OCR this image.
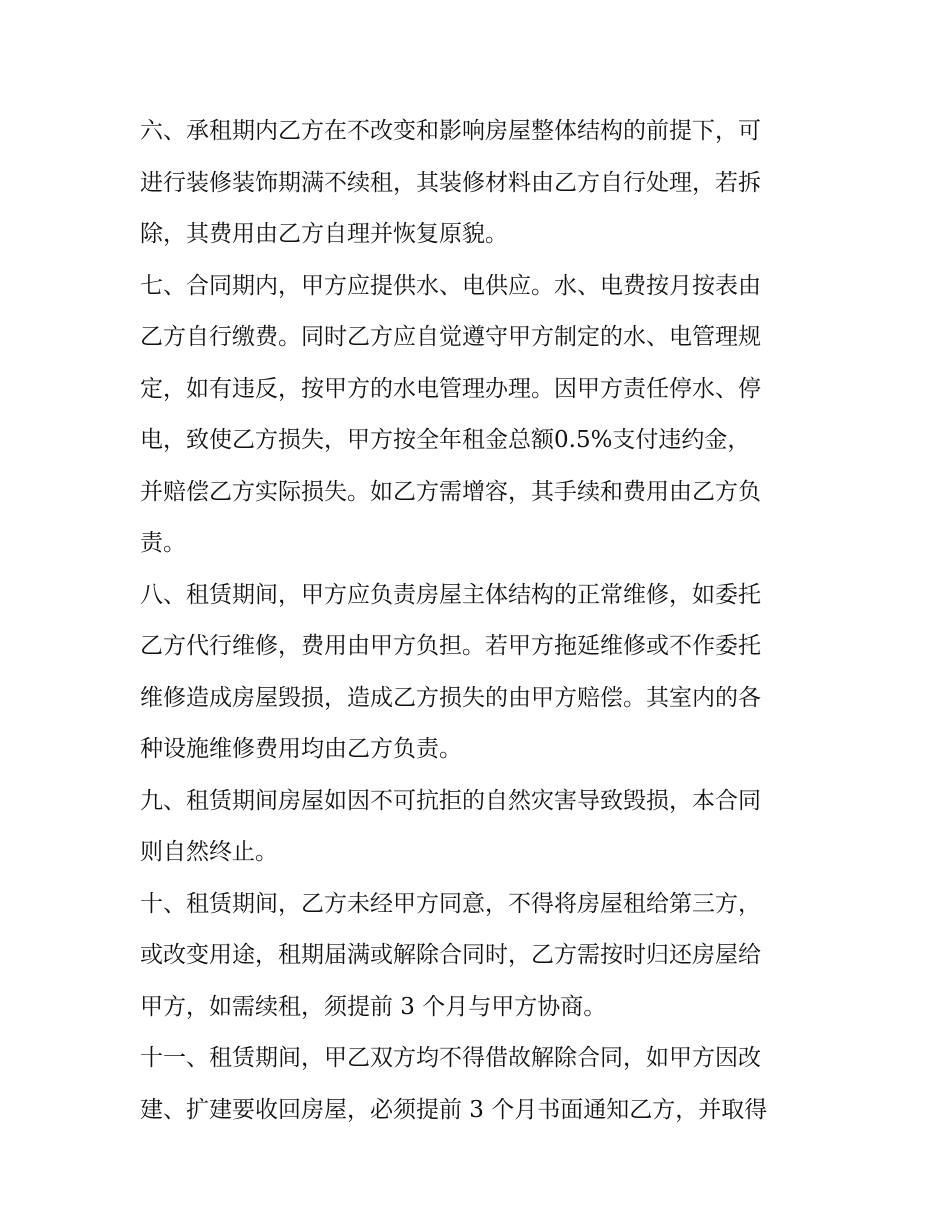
六、承租期内乙方在不改变和影响房屋整体结构的前提下，可
进行装修装饰期满不续租，其装修材料由乙方自行处理，若拆
除，其费用由乙方自理并恢复原貌。

七、合同期内，甲方应提供水、电供应。水、电费按月按表由
乙方自行缴费。同时乙方应自觉遵守甲方制定的水、电管理规
定，如有违反，按甲方的水电管理办理。因甲方责任停水、停
电，致使乙方损失，甲方按全年租金总额0.5%支付违约金，
并赔偿乙方实际损失。如乙方需增容，其手续和费用由乙方负
责。

八、租赁期间，甲方应负责房屋主体结构的正常维修，如委托
乙方代行维修，费用由甲方负担。若甲方拖延维修或不作委托
维修造成房屋毁损，造成乙方损失的由甲方赔偿。其室内的各
种设施维修费用均由乙方负责。

九、租赁期间房屋如因不可抗拒的自然灾害导致毁损，本合同
则自然终止。

十、租赁期间，乙方未经甲方同意，不得将房屋租给第三方，
或改变用途，租期届满或解除合同时，乙方需按时归还房屋给
甲方，如需续租，须提前 3 个月与甲方协商。

十一、租赁期间，甲乙双方均不得借故解除合同，如甲方因改
建、扩建要收回房屋，必须提前 3 个月书面通知乙方，并取得
